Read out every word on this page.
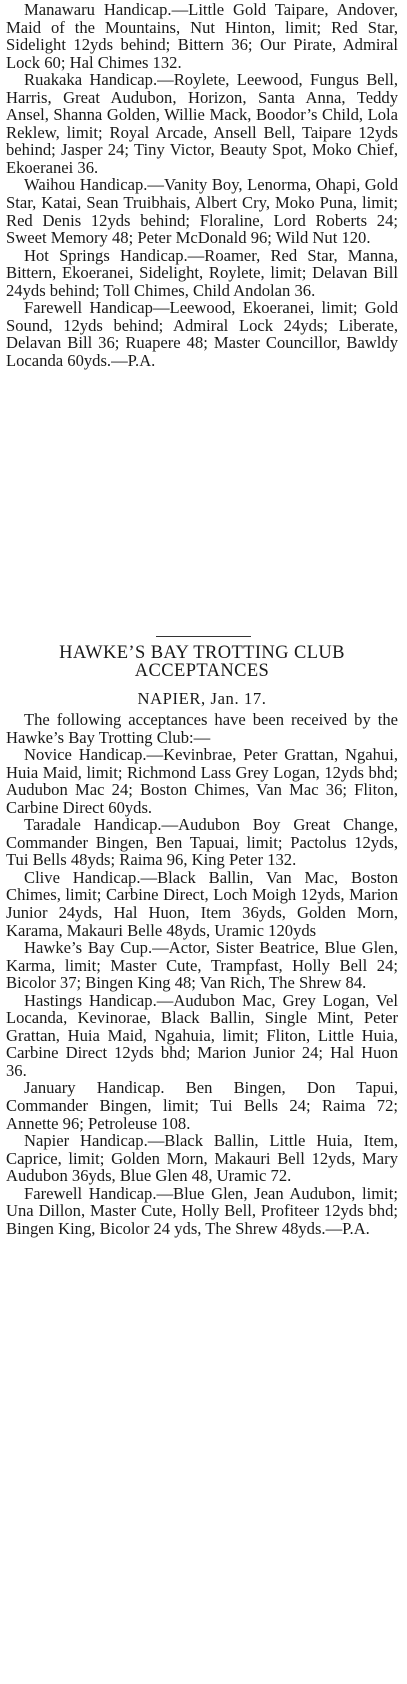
Manawaru Handicap.—Little Gold Taipare, Andover, Maid of the Mountains, Nut Hinton, limit; Red Star, Sidelight 12yds behind; Bittern 36; Our Pirate, Admiral Lock 60; Hal Chimes 132.

Ruakaka Handicap.—Roylete, Leewood, Fungus Bell, Harris, Great Audubon, Horizon, Santa Anna, Teddy Ansel, Shanna Golden, Willie Mack, Boodor’s Child, Lola Reklew, limit; Royal Arcade, Ansell Bell, Taipare 12yds behind; Jasper 24; Tiny Victor, Beauty Spot, Moko Chief, Ekoeranei 36.

Waihou Handicap.—Vanity Boy, Lenorma, Ohapi, Gold Star, Katai, Sean Truibhais, Albert Cry, Moko Puna, limit; Red Denis 12yds behind; Floraline, Lord Roberts 24; Sweet Memory 48; Peter McDonald 96; Wild Nut 120.

Hot Springs Handicap.—Roamer, Red Star, Manna, Bittern, Ekoeranei, Sidelight, Roylete, limit; Delavan Bill 24yds behind; Toll Chimes, Child Andolan 36.

Farewell Handicap—Leewood, Ekoeranei, limit; Gold Sound, 12yds behind; Admiral Lock 24yds; Liberate, Delavan Bill 36; Ruapere 48; Master Councillor, Bawldy Locanda 60yds.—P.A.

HAWKE’S BAY TROTTING CLUB
ACCEPTANCES
NAPIER, Jan. 17.

The following acceptances have been received by the Hawke’s Bay Trotting Club:—

Novice Handicap.—Kevinbrae, Peter Grattan, Ngahui, Huia Maid, limit; Richmond Lass Grey Logan, 12yds bhd; Audubon Mac 24; Boston Chimes, Van Mac 36; Fliton, Carbine Direct 60yds.

Taradale Handicap.—Audubon Boy Great Change, Commander Bingen, Ben Tapuai, limit; Pactolus 12yds, Tui Bells 48yds; Raima 96, King Peter 132.

Clive Handicap.—Black Ballin, Van Mac, Boston Chimes, limit; Carbine Direct, Loch Moigh 12yds, Marion Junior 24yds, Hal Huon, Item 36yds, Golden Morn, Karama, Makauri Belle 48yds, Uramic 120yds

Hawke’s Bay Cup.—Actor, Sister Beatrice, Blue Glen, Karma, limit; Master Cute, Trampfast, Holly Bell 24; Bicolor 37; Bingen King 48; Van Rich, The Shrew 84.

Hastings Handicap.—Audubon Mac, Grey Logan, Vel Locanda, Kevinorae, Black Ballin, Single Mint, Peter Grattan, Huia Maid, Ngahuia, limit; Fliton, Little Huia, Carbine Direct 12yds bhd; Marion Junior 24; Hal Huon 36.

January Handicap. Ben Bingen, Don Tapui, Commander Bingen, limit; Tui Bells 24; Raima 72; Annette 96; Petroleuse 108.

Napier Handicap.—Black Ballin, Little Huia, Item, Caprice, limit; Golden Morn, Makauri Bell 12yds, Mary Audubon 36yds, Blue Glen 48, Uramic 72.

Farewell Handicap.—Blue Glen, Jean Audubon, limit; Una Dillon, Master Cute, Holly Bell, Profiteer 12yds bhd; Bingen King, Bicolor 24 yds, The Shrew 48yds.—P.A.
